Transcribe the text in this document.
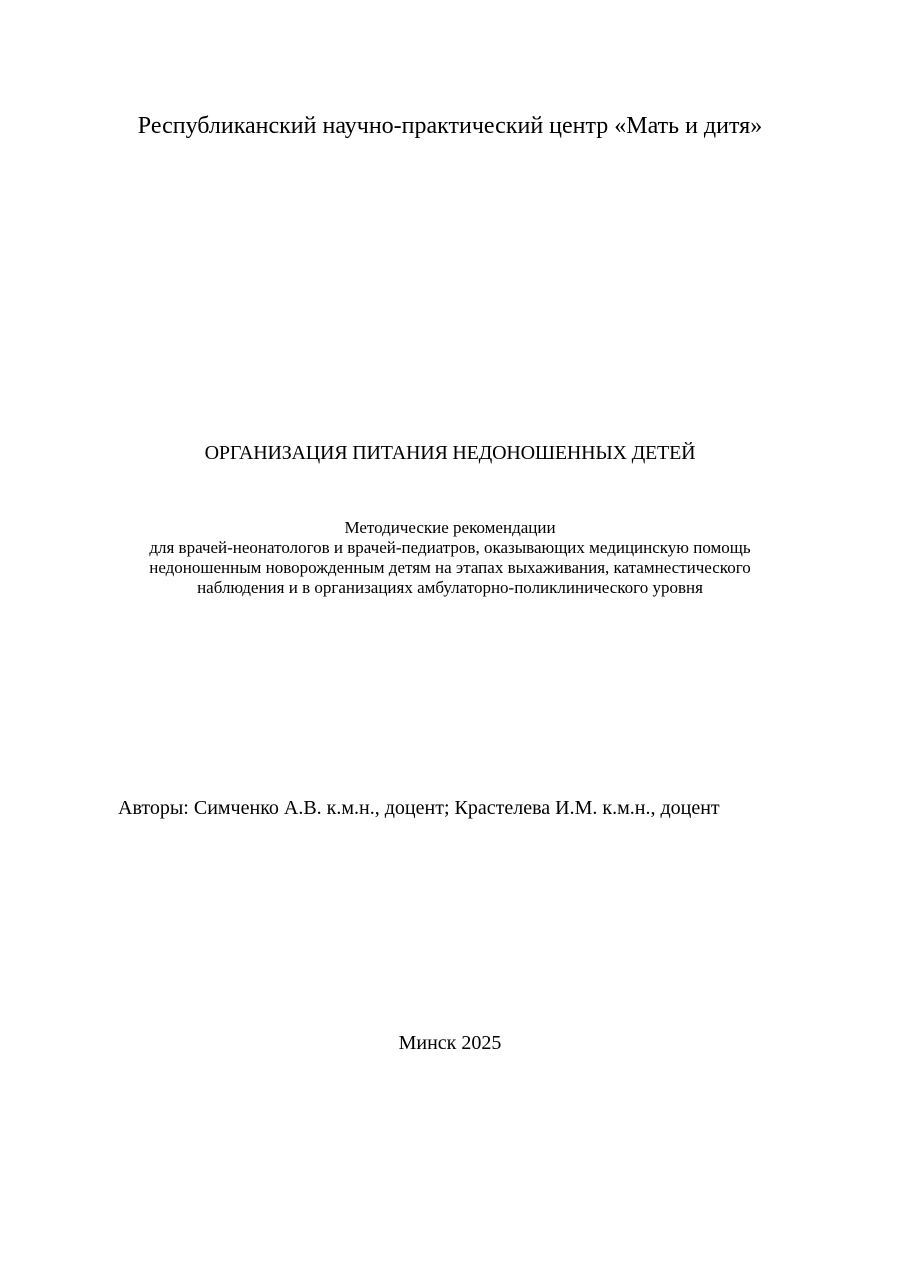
Республиканский научно-практический центр «Мать и дитя»
ОРГАНИЗАЦИЯ ПИТАНИЯ НЕДОНОШЕННЫХ ДЕТЕЙ
Методические рекомендации
для врачей-неонатологов и врачей-педиатров, оказывающих медицинскую помощь
недоношенным новорожденным детям на этапах выхаживания, катамнестического
наблюдения и в организациях амбулаторно-поликлинического уровня
Авторы: Симченко А.В. к.м.н., доцент; Крастелева И.М. к.м.н., доцент
Минск 2025
